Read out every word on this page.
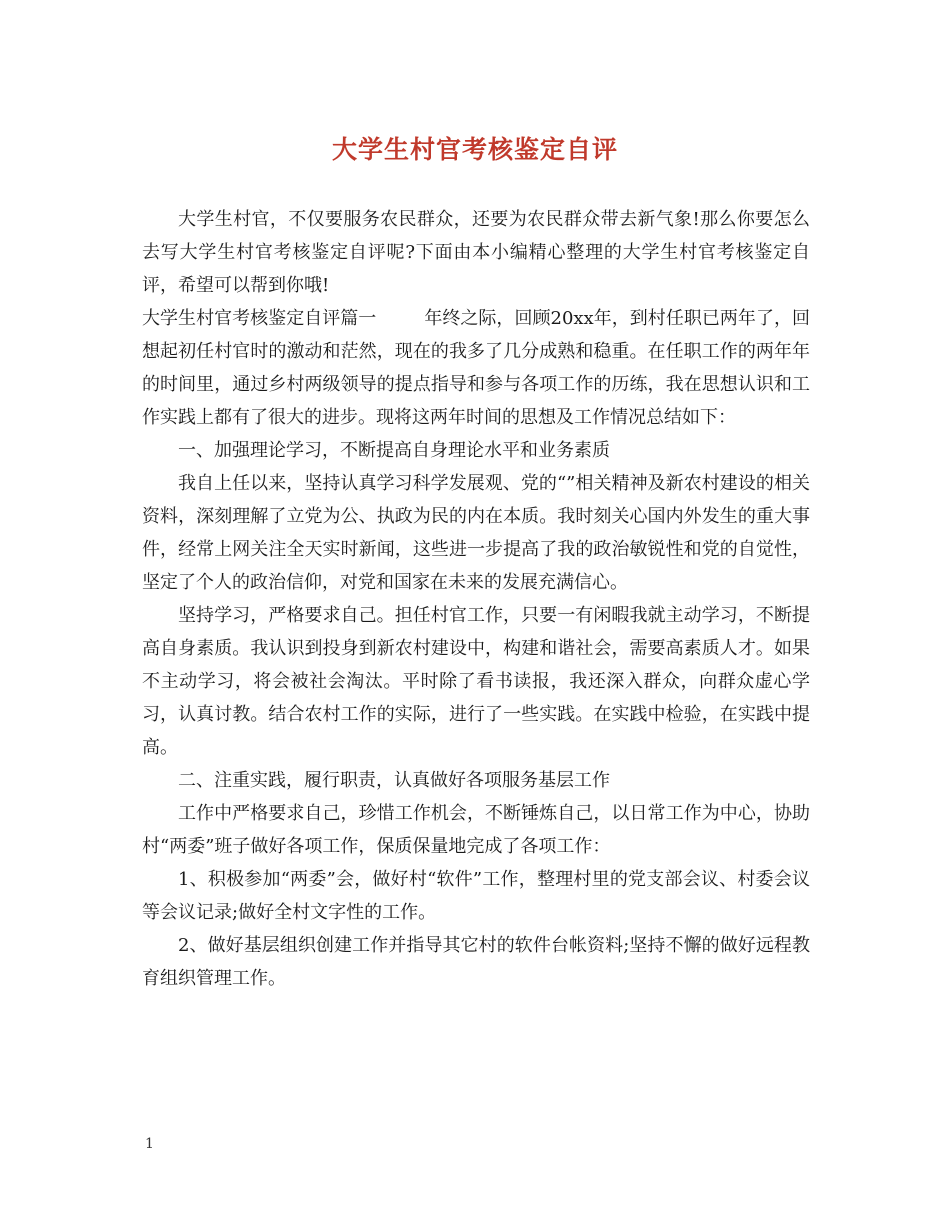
大学生村官考核鉴定自评

大学生村官，不仅要服务农民群众，还要为农民群众带去新气象!那么你要怎么去写大学生村官考核鉴定自评呢?下面由本小编精心整理的大学生村官考核鉴定自评，希望可以帮到你哦!

大学生村官考核鉴定自评篇一	年终之际，回顾20xx年，到村任职已两年了，回想起初任村官时的激动和茫然，现在的我多了几分成熟和稳重。在任职工作的两年年的时间里，通过乡村两级领导的提点指导和参与各项工作的历练，我在思想认识和工作实践上都有了很大的进步。现将这两年时间的思想及工作情况总结如下：

一、加强理论学习，不断提高自身理论水平和业务素质

我自上任以来，坚持认真学习科学发展观、党的“”相关精神及新农村建设的相关资料，深刻理解了立党为公、执政为民的内在本质。我时刻关心国内外发生的重大事件，经常上网关注全天实时新闻，这些进一步提高了我的政治敏锐性和党的自觉性，坚定了个人的政治信仰，对党和国家在未来的发展充满信心。

坚持学习，严格要求自己。担任村官工作，只要一有闲暇我就主动学习，不断提高自身素质。我认识到投身到新农村建设中，构建和谐社会，需要高素质人才。如果不主动学习，将会被社会淘汰。平时除了看书读报，我还深入群众，向群众虚心学习，认真讨教。结合农村工作的实际，进行了一些实践。在实践中检验，在实践中提高。

二、注重实践，履行职责，认真做好各项服务基层工作

工作中严格要求自己，珍惜工作机会，不断锤炼自己，以日常工作为中心，协助村“两委”班子做好各项工作，保质保量地完成了各项工作：

1、积极参加“两委”会，做好村“软件”工作，整理村里的党支部会议、村委会议等会议记录;做好全村文字性的工作。

2、做好基层组织创建工作并指导其它村的软件台帐资料;坚持不懈的做好远程教育组织管理工作。

1
